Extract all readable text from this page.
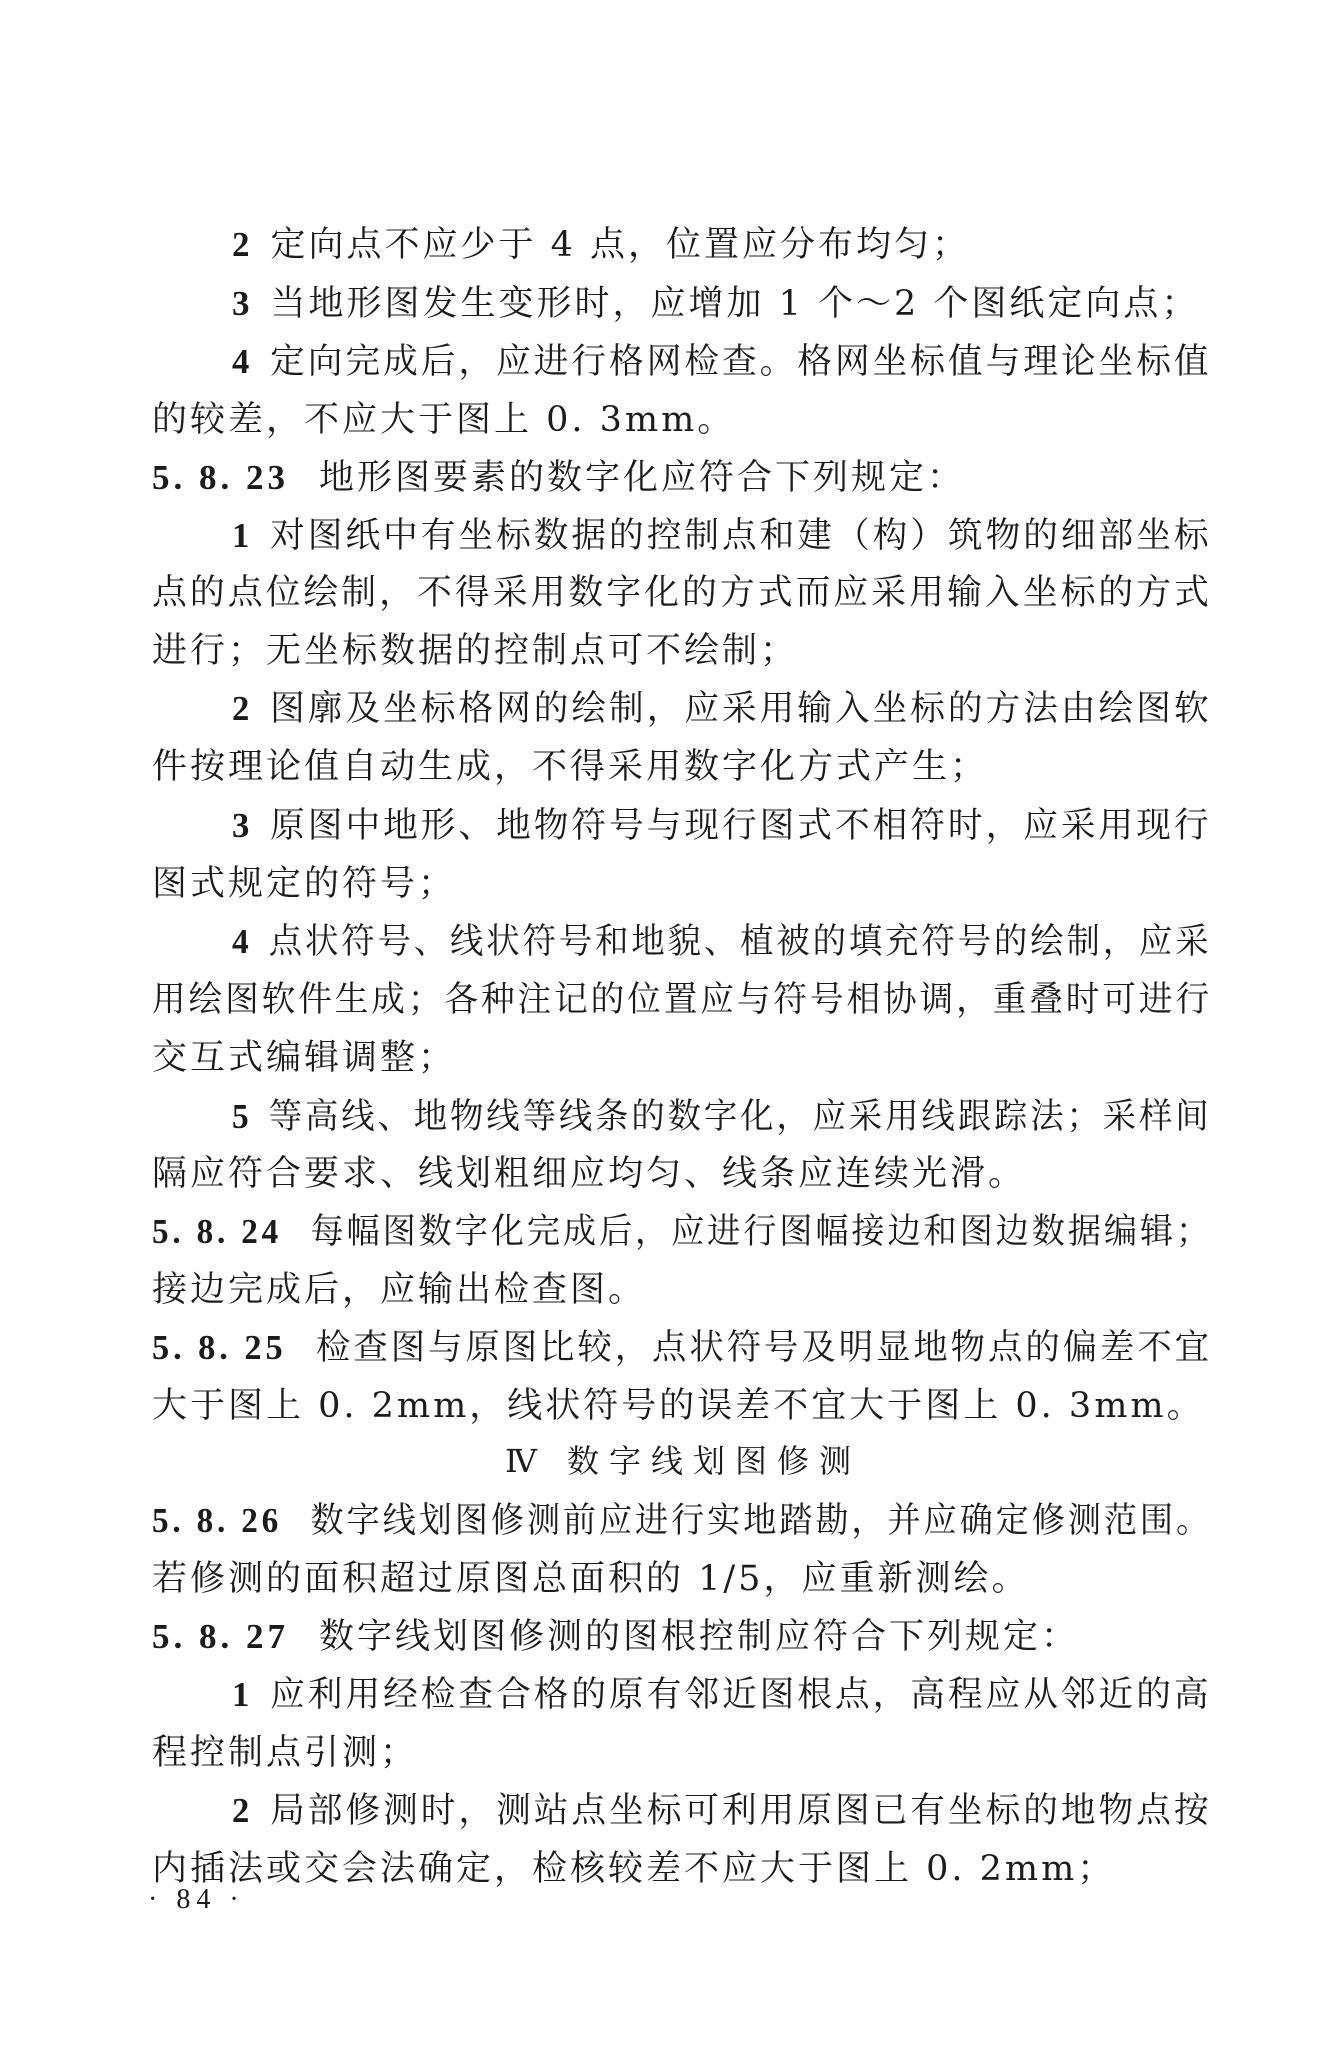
2 定向点不应少于 4 点，位置应分布均匀；
3 当地形图发生变形时，应增加 1 个～2 个图纸定向点；
4 定向完成后，应进行格网检查。格网坐标值与理论坐标值
的较差，不应大于图上 0. 3mm。
5. 8. 23 地形图要素的数字化应符合下列规定：
1 对图纸中有坐标数据的控制点和建（构）筑物的细部坐标
点的点位绘制，不得采用数字化的方式而应采用输入坐标的方式
进行；无坐标数据的控制点可不绘制；
2 图廓及坐标格网的绘制，应采用输入坐标的方法由绘图软
件按理论值自动生成，不得采用数字化方式产生；
3 原图中地形、地物符号与现行图式不相符时，应采用现行
图式规定的符号；
4 点状符号、线状符号和地貌、植被的填充符号的绘制，应采
用绘图软件生成；各种注记的位置应与符号相协调，重叠时可进行
交互式编辑调整；
5 等高线、地物线等线条的数字化，应采用线跟踪法；采样间
隔应符合要求、线划粗细应均匀、线条应连续光滑。
5. 8. 24 每幅图数字化完成后，应进行图幅接边和图边数据编辑；
接边完成后，应输出检查图。
5. 8. 25 检查图与原图比较，点状符号及明显地物点的偏差不宜
大于图上 0. 2mm，线状符号的误差不宜大于图上 0. 3mm。
Ⅳ 数字线划图修测
5. 8. 26 数字线划图修测前应进行实地踏勘，并应确定修测范围。
若修测的面积超过原图总面积的 1/5，应重新测绘。
5. 8. 27 数字线划图修测的图根控制应符合下列规定：
1 应利用经检查合格的原有邻近图根点，高程应从邻近的高
程控制点引测；
2 局部修测时，测站点坐标可利用原图已有坐标的地物点按
内插法或交会法确定，检核较差不应大于图上 0. 2mm；
· 84 ·
